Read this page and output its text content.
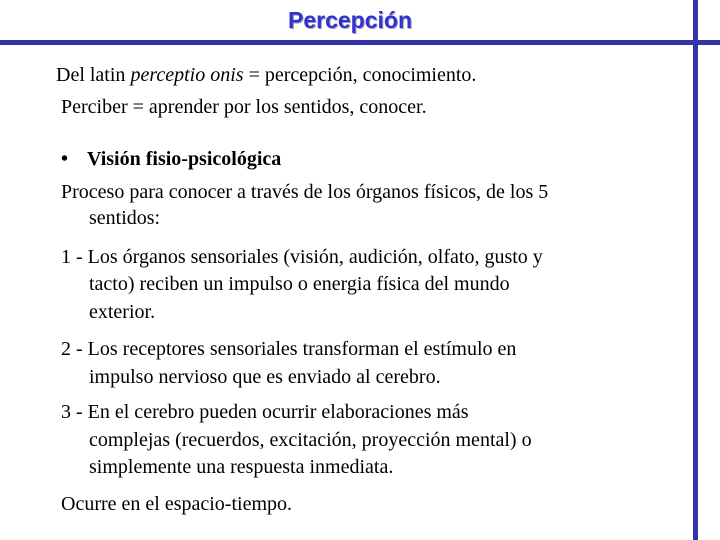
Percepción
Del latin perceptio onis = percepción, conocimiento.
Perciber = aprender por los sentidos, conocer.
• Visión fisio-psicológica
Proceso para conocer a través de los órganos físicos, de los 5
sentidos:
1 - Los órganos sensoriales (visión, audición, olfato, gusto y
tacto) reciben un impulso o energia física del mundo
exterior.
2 - Los receptores sensoriales transforman el estímulo en
impulso nervioso que es enviado al cerebro.
3 - En el cerebro pueden ocurrir elaboraciones más
complejas (recuerdos, excitación, proyección mental) o
simplemente una respuesta inmediata.
Ocurre en el espacio-tiempo.
